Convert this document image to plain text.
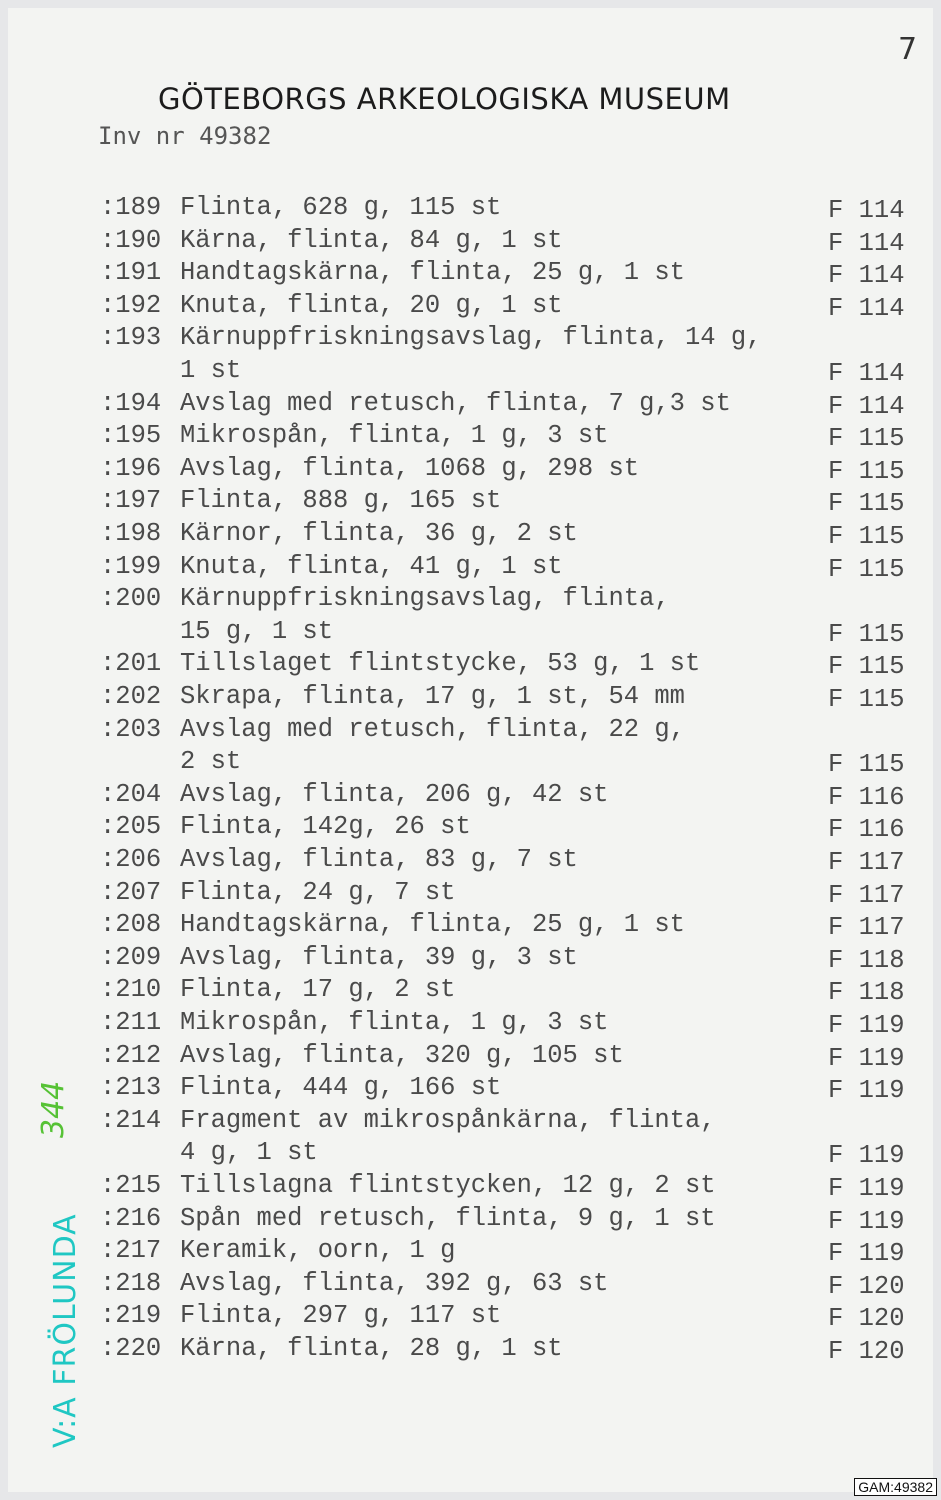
7
GÖTEBORGS ARKEOLOGISKA MUSEUM
Inv nr 49382
:189 Flinta, 628 g, 115 st	F 114
:190 Kärna, flinta, 84 g, 1 st	F 114
:191 Handtagskärna, flinta, 25 g, 1 st	F 114
:192 Knuta, flinta, 20 g, 1 st	F 114
:193 Kärnuppfriskningsavslag, flinta, 14 g,
1 st	F 114
:194 Avslag med retusch, flinta, 7 g,3 st	F 114
:195 Mikrospån, flinta, 1 g, 3 st	F 115
:196 Avslag, flinta, 1068 g, 298 st	F 115
:197 Flinta, 888 g, 165 st	F 115
:198 Kärnor, flinta, 36 g, 2 st	F 115
:199 Knuta, flinta, 41 g, 1 st	F 115
:200 Kärnuppfriskningsavslag, flinta,
15 g, 1 st	F 115
:201 Tillslaget flintstycke, 53 g, 1 st	F 115
:202 Skrapa, flinta, 17 g, 1 st, 54 mm	F 115
:203 Avslag med retusch, flinta, 22 g,
2 st	F 115
:204 Avslag, flinta, 206 g, 42 st	F 116
:205 Flinta, 142g, 26 st	F 116
:206 Avslag, flinta, 83 g, 7 st	F 117
:207 Flinta, 24 g, 7 st	F 117
:208 Handtagskärna, flinta, 25 g, 1 st	F 117
:209 Avslag, flinta, 39 g, 3 st	F 118
:210 Flinta, 17 g, 2 st	F 118
:211 Mikrospån, flinta, 1 g, 3 st	F 119
:212 Avslag, flinta, 320 g, 105 st	F 119
:213 Flinta, 444 g, 166 st	F 119
:214 Fragment av mikrospånkärna, flinta,
4 g, 1 st	F 119
:215 Tillslagna flintstycken, 12 g, 2 st	F 119
:216 Spån med retusch, flinta, 9 g, 1 st	F 119
:217 Keramik, oorn, 1 g	F 119
:218 Avslag, flinta, 392 g, 63 st	F 120
:219 Flinta, 297 g, 117 st	F 120
:220 Kärna, flinta, 28 g, 1 st	F 120
344
V:A FRÖLUNDA
GAM:49382
